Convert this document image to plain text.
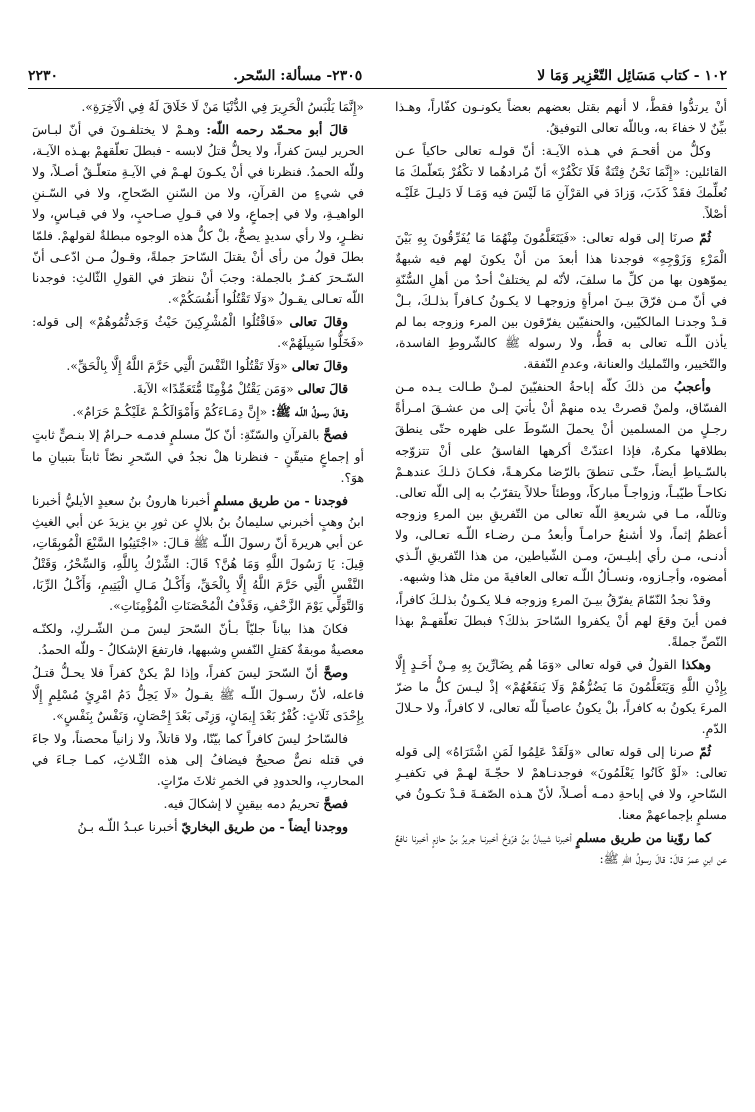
١٠٢ - كتاب مَسَائِل التّعْزِير وَمَا لا
٢٣٠٥- مسألة: السّحر.
٢٢٣٠

أنْ يرتدُّوا فقطُّ، لا أنهم بقتل بعضهم بعضاً يكونـون كفّاراً، وهـذا بيِّنٌ لا خفاءَ به، وباللّه تعالى التوفيقُ.

وكلُّ من أقحـمَ في هـذه الآيـة: أنّ قولـه تعالى حاكياً عـن القائلين: «إِنَّمَا نَحْنُ فِتْنَةٌ فَلَا تَكْفُرْ» أنّ مُرادهُما لا تكْفُرْ بتَعلّمكَ مَا نُعلِّمكَ فقَدْ كَذَبَ، وَزادَ في القرْآنِ مَا لَيْسَ فيه وَمَـا لَا دَليـلَ عَلَيْـه أصْلاً.

ثُمّ صرنَا إلى قوله تعالى: «فَيَتَعَلَّمُونَ مِنْهُمَا مَا يُفَرِّقُونَ بِهِ بَيْنَ الْمَرْءِ وَزَوْجِهِ» فوجدنا هذا أبعدَ من أنْ يكونَ لهم فيه شبهةٌ يموّهون بها من كلِّ ما سلفَ، لأنّه لم يختلفْ أحدٌ من أهلِ السُّنّةِ في أنّ مـن فرّقَ بيـنَ امرأةٍ وزوجهـا لا يكـونُ كـافراً بذلـكَ، بـلْ قـدْ وجدنـا المالكيّين، والحنفيّين يفرّقون بين المرء وزوجه بما لم يأذن اللّـه تعالى به قطُّ، ولا رسوله ﷺ كالشّروطِ الفاسدة، والتّخيير، والتّمليك والعنانة، وعدمِ النّفقة.

وأعجبُ من ذلكَ كلّه إباحةُ الحنفيّينَ لمـنْ طـالت يـده مـن الفسّاق، ولمنْ قصرتْ يده منهمْ أنْ يأتيَ إلى من عشـقَ امـرأةً رجـلٍ من المسلمين أنْ يحملَ السّوطَ على ظهره حتّى ينطقَ بطلاقها مكرهٌ، فإذا اعتدّتْ أكرهها الفاسقُ على أنْ تتزوّجه بالسّـياطِ أيضاً، حتّـى تنطقَ بالرّضا مكرهـةً، فكـانَ ذلـكَ عندهـمْ نكاحـاً طيّبـاً، وزواجـاً مباركاً، ووطئاً حلالاً يتقرّبُ به إلى اللّه تعالى. وتاللّه، مـا في شريعةِ اللّه تعالى من التّفريقِ بين المرءِ وزوجه أعظمُ إثماً، ولا أشنعُ حرامـاً وأبعدُ مـن رضـاء اللّـه تعـالى، ولا أدنـى، مـن رأي إبليـسَ، ومـن الشّياطين، من هذا التّفريقِ الّـذي أمضوه، وأجـازوه، ونسـألُ اللّـه تعالى العافيةَ من مثل هذا وشبهه.

وقدْ نجدُ النّمّامَ يفرّقُ بيـنَ المرءِ وزوجه فـلا يكـونُ بذلـكَ كافراً، فمن أينَ وقعَ لهم أنْ يكفروا السّاحرَ بذلكَ؟ فبطلَ تعلّقهـمْ بهذا النّصِّ جملةً.

وهكذا القولُ في قوله تعالى «وَمَا هُم بِضَارِّينَ بِهِ مِـنْ أَحَـدٍ إِلَّا بِإِذْنِ اللَّهِ وَيَتَعَلَّمُونَ مَا يَضُرُّهُمْ وَلَا يَنفَعُهُمْ» إذْ ليـسَ كلُّ ما ضرّ المرءَ يكونُ به كافراً، بلْ يكونُ عاصياً للّه تعالى، لا كافراً، ولا حـلالَ الدّمِ.

ثُمّ صرنا إلى قوله تعالى «وَلَقَدْ عَلِمُوا لَمَنِ اشْتَرَاهُ» إلى قوله تعالى: «لَوْ كَانُوا يَعْلَمُونَ» فوجدنـاهمْ لا حجّـةَ لهـمْ في تكفيـرِ السّاحرِ، ولا في إباحةِ دمـه أصـلاً، لأنّ هـذه الصّفـةَ قـدْ تكـونُ في مسلمٍ بإجماعهمْ معنا.

كما روّينا من طريق مسلمٍ أخبرنا شيبانُ بنُ فرّوخَ أخبرنـا جريرُ بنُ حازمٍ أخبرنا نافعٌ عن ابنِ عمرَ قالَ: قالَ رسولُ اللّهِ ﷺ:

«إِنَّمَا يَلْبَسُ الْحَرِيرَ فِي الدُّنْيَا مَنْ لَا خَلَاقَ لَهُ فِي الْآخِرَةِ».

قالَ أبو محـمّد رحمه اللّه: وهـمْ لا يختلفـونَ في أنّ لبـاسَ الحرير ليسَ كفراً، ولا يحلُّ قتلُ لابسه - فبطلَ تعلّقهمْ بهـذه الآيـة، وللّه الحمدُ. فنظرنا في أنْ يكـونَ لهـمْ في الآيـةِ متعلّـقٌ أصـلاً، ولا في شيءٍ من القرآنِ، ولا من السّننِ الصّحاحِ، ولا في السّـننِ الواهيـةِ، ولا في إجماعٍ، ولا في قـولِ صـاحبٍ، ولا في قيـاسٍ، ولا نظـرٍ، ولا رأي سديدٍ يصحُّ، بلْ كلُّ هذه الوجوه مبطلةٌ لقولهمْ. فلمّا بطلَ قولُ من رأى أنْ يقتلَ السّاحرَ جملةً، وقـولُ مـن ادّعـى أنّ السّـحرَ كفـرٌ بالجملة: وجبَ أنْ ننظرَ في القولِ الثّالثِ: فوجدنا اللّه تعـالى يقـولُ «وَلَا تَقْتُلُوا أَنفُسَكُمْ».

وقالَ تعالى «فَاقْتُلُوا الْمُشْرِكِينَ حَيْثُ وَجَدتُّمُوهُمْ» إلى قوله: «فَخَلُّوا سَبِيلَهُمْ».

وقالَ تعالى «وَلَا تَقْتُلُوا النَّفْسَ الَّتِي حَرَّمَ اللَّهُ إِلَّا بِالْحَقِّ».

قالَ تعالى «وَمَن يَقْتُلْ مُؤْمِنًا مُّتَعَمِّدًا» الآيةَ.

وقـالَ رسـولُ اللّـه ﷺ: «إِنَّ دِمَـاءَكُمْ وَأَمْوَالَكُـمْ عَلَيْكُـمْ حَرَامٌ».

فصحَّ بالقرآنِ والسّنّةِ: أنّ كلّ مسلمٍ فدمـه حـرامٌ إلا بنـصٍّ ثابتٍ أو إجماعٍ متيقّنٍ - فنظرنا هلْ نجدُ في السّحرِ نصّاً ثابتاً بتبيانِ ما هوَ؟.

فوجدنا - من طريق مسلمٍ أخبرنا هارونُ بنُ سعيدٍ الأيليُّ أخبرنا ابنُ وهبٍ أخبرني سليمانُ بنُ بلالٍ عن ثورِ بنِ يزيدَ عن أبي الغيثِ عن أبي هريرةَ أنّ رسولَ اللّـه ﷺ قـالَ: «اجْتَنِبُوا السَّبْعَ الْمُوبِقَاتِ، قِيلَ: يَا رَسُولَ اللَّهِ وَمَا هُنَّ؟ قَالَ: الشِّرْكُ بِاللَّهِ، وَالسِّحْرُ، وَقَتْلُ النَّفْسِ الَّتِي حَرَّمَ اللَّهُ إِلَّا بِالْحَقِّ، وَأَكْـلُ مَـالِ الْيَتِيمِ، وَأَكْـلُ الرِّبَا، وَالتَّوَلِّي يَوْمَ الزَّحْفِ، وَقَذْفُ الْمُحْصَنَاتِ الْمُؤْمِنَاتِ».

فكانَ هذا بياناً جليّاً بـأنّ السّحرَ ليسَ مـن الشّـركِ، ولكنّـه معصيةٌ موبقةٌ كقتلِ النّفسِ وشبهها، فارتفعَ الإشكالُ - وللّه الحمدُ.

وصحَّ أنّ السّحرَ ليسَ كفراً، وإذا لمْ يكنْ كفراً فلا يحـلُّ قتـلُ فاعله، لأنّ رسـولَ اللّـه ﷺ يقـولُ «لَا يَحِلُّ دَمُ امْرِئٍ مُسْلِمٍ إِلَّا بِإِحْدَى ثَلَاثٍ: كُفْرٌ بَعْدَ إِيمَانٍ، وَزِنًى بَعْدَ إِحْصَانٍ، وَنَفْسٌ بِنَفْسٍ».

فالسّاحرُ ليسَ كافراً كما بيّنّا، ولا قاتلاً، ولا زانياً محصناً، ولا جاءَ في قتله نصٌّ صحيحٌ فيضافُ إلى هذه الثّـلاثِ، كمـا جـاءَ في المحاربِ، والحدودِ في الخمرِ ثلاثَ مرّاتٍ.

فصحَّ تحريمُ دمه بيقينٍ لا إشكالَ فيه.

ووجدنا أيضاً - من طريق البخاريّ أخبرنا عبـدُ اللّـه بـنُ
